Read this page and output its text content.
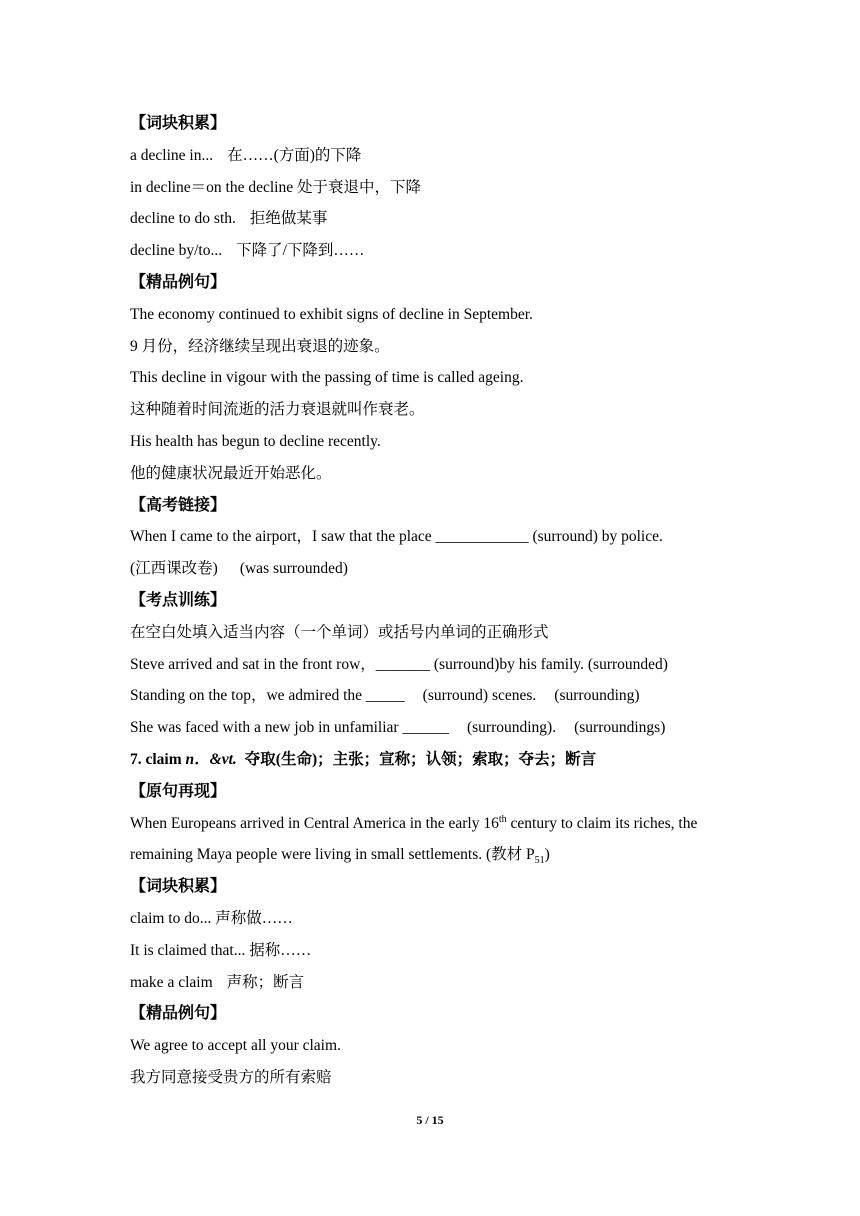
【词块积累】
a decline in... 在……(方面)的下降
in decline＝on the decline 处于衰退中，下降
decline to do sth. 拒绝做某事
decline by/to... 下降了/下降到……
【精品例句】
The economy continued to exhibit signs of decline in September.
9 月份，经济继续呈现出衰退的迹象。
This decline in vigour with the passing of time is called ageing.
这种随着时间流逝的活力衰退就叫作衰老。
His health has begun to decline recently.
他的健康状况最近开始恶化。
【高考链接】
When I came to the airport，I saw that the place ____________ (surround) by police.
(江西课改卷) (was surrounded)
【考点训练】
在空白处填入适当内容（一个单词）或括号内单词的正确形式
Steve arrived and sat in the front row，_______ (surround)by his family. (surrounded)
Standing on the top，we admired the _____ (surround) scenes. (surrounding)
She was faced with a new job in unfamiliar ______ (surrounding). (surroundings)
7. claim n．&vt. 夺取(生命)；主张；宣称；认领；索取；夺去；断言
【原句再现】
When Europeans arrived in Central America in the early 16th century to claim its riches, the
remaining Maya people were living in small settlements. (教材 $P_{51}$)
【词块积累】
claim to do... 声称做……
It is claimed that... 据称……
make a claim 声称；断言
【精品例句】
We agree to accept all your claim.
我方同意接受贵方的所有索赔
5 / 15
